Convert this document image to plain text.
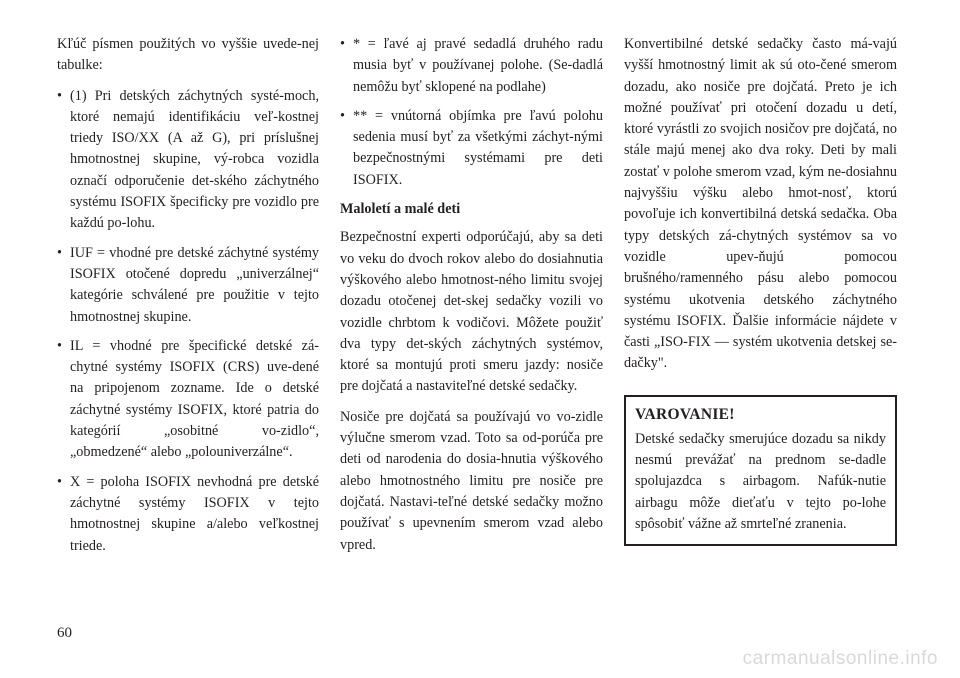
Kľúč písmen použitých vo vyššie uvede-nej tabulke:

• (1) Pri detských záchytných systé-moch, ktoré nemajú identifikáciu veľ-kostnej triedy ISO/XX (A až G), pri príslušnej hmotnostnej skupine, vý-robca vozidla označí odporučenie det-ského záchytného systému ISOFIX špecificky pre vozidlo pre každú po-lohu.
• IUF = vhodné pre detské záchytné systémy ISOFIX otočené dopredu „univerzálnej“ kategórie schválené pre použitie v tejto hmotnostnej skupine.
• IL = vhodné pre špecifické detské zá-chytné systémy ISOFIX (CRS) uve-dené na pripojenom zozname. Ide o detské záchytné systémy ISOFIX, ktoré patria do kategórií „osobitné vo-zidlo“, „obmedzené“ alebo „polouniverzálne“.
• X = poloha ISOFIX nevhodná pre detské záchytné systémy ISOFIX v tejto hmotnostnej skupine a/alebo veľkostnej triede.
• * = ľavé aj pravé sedadlá druhého radu musia byť v používanej polohe. (Se-dadlá nemôžu byť sklopené na podlahe)
• ** = vnútorná objímka pre ľavú polohu sedenia musí byť za všetkými záchyt-nými bezpečnostnými systémami pre deti ISOFIX.
Maloletí a malé deti

Bezpečnostní experti odporúčajú, aby sa deti vo veku do dvoch rokov alebo do dosiahnutia výškového alebo hmotnost-ného limitu svojej dozadu otočenej det-skej sedačky vozili vo vozidle chrbtom k vodičovi. Môžete použiť dva typy det-ských záchytných systémov, ktoré sa montujú proti smeru jazdy: nosiče pre dojčatá a nastaviteľné detské sedačky.

Nosiče pre dojčatá sa používajú vo vo-zidle výlučne smerom vzad. Toto sa od-porúča pre deti od narodenia do dosia-hnutia výškového alebo hmotnostného limitu pre nosiče pre dojčatá. Nastavi-teľné detské sedačky možno používať s upevnením smerom vzad alebo vpred.

Konvertibilné detské sedačky často má-vajú vyšší hmotnostný limit ak sú oto-čené smerom dozadu, ako nosiče pre dojčatá. Preto je ich možné používať pri otočení dozadu u detí, ktoré vyrástli zo svojich nosičov pre dojčatá, no stále majú menej ako dva roky. Deti by mali zostať v polohe smerom vzad, kým ne-dosiahnu najvyššiu výšku alebo hmot-nosť, ktorú povoľuje ich konvertibilná detská sedačka. Oba typy detských zá-chytných systémov sa vo vozidle upev-ňujú pomocou brušného/ramenného pásu alebo pomocou systému ukotvenia detského záchytného systému ISOFIX. Ďalšie informácie nájdete v časti „ISO-FIX — systém ukotvenia detskej se-dačky".

VAROVANIE!
Detské sedačky smerujúce dozadu sa nikdy nesmú prevážať na prednom se-dadle spolujazdca s airbagom. Nafúk-nutie airbagu môže dieťaťu v tejto po-lohe spôsobiť vážne až smrteľné zranenia.
60
carmanualsonline.info
